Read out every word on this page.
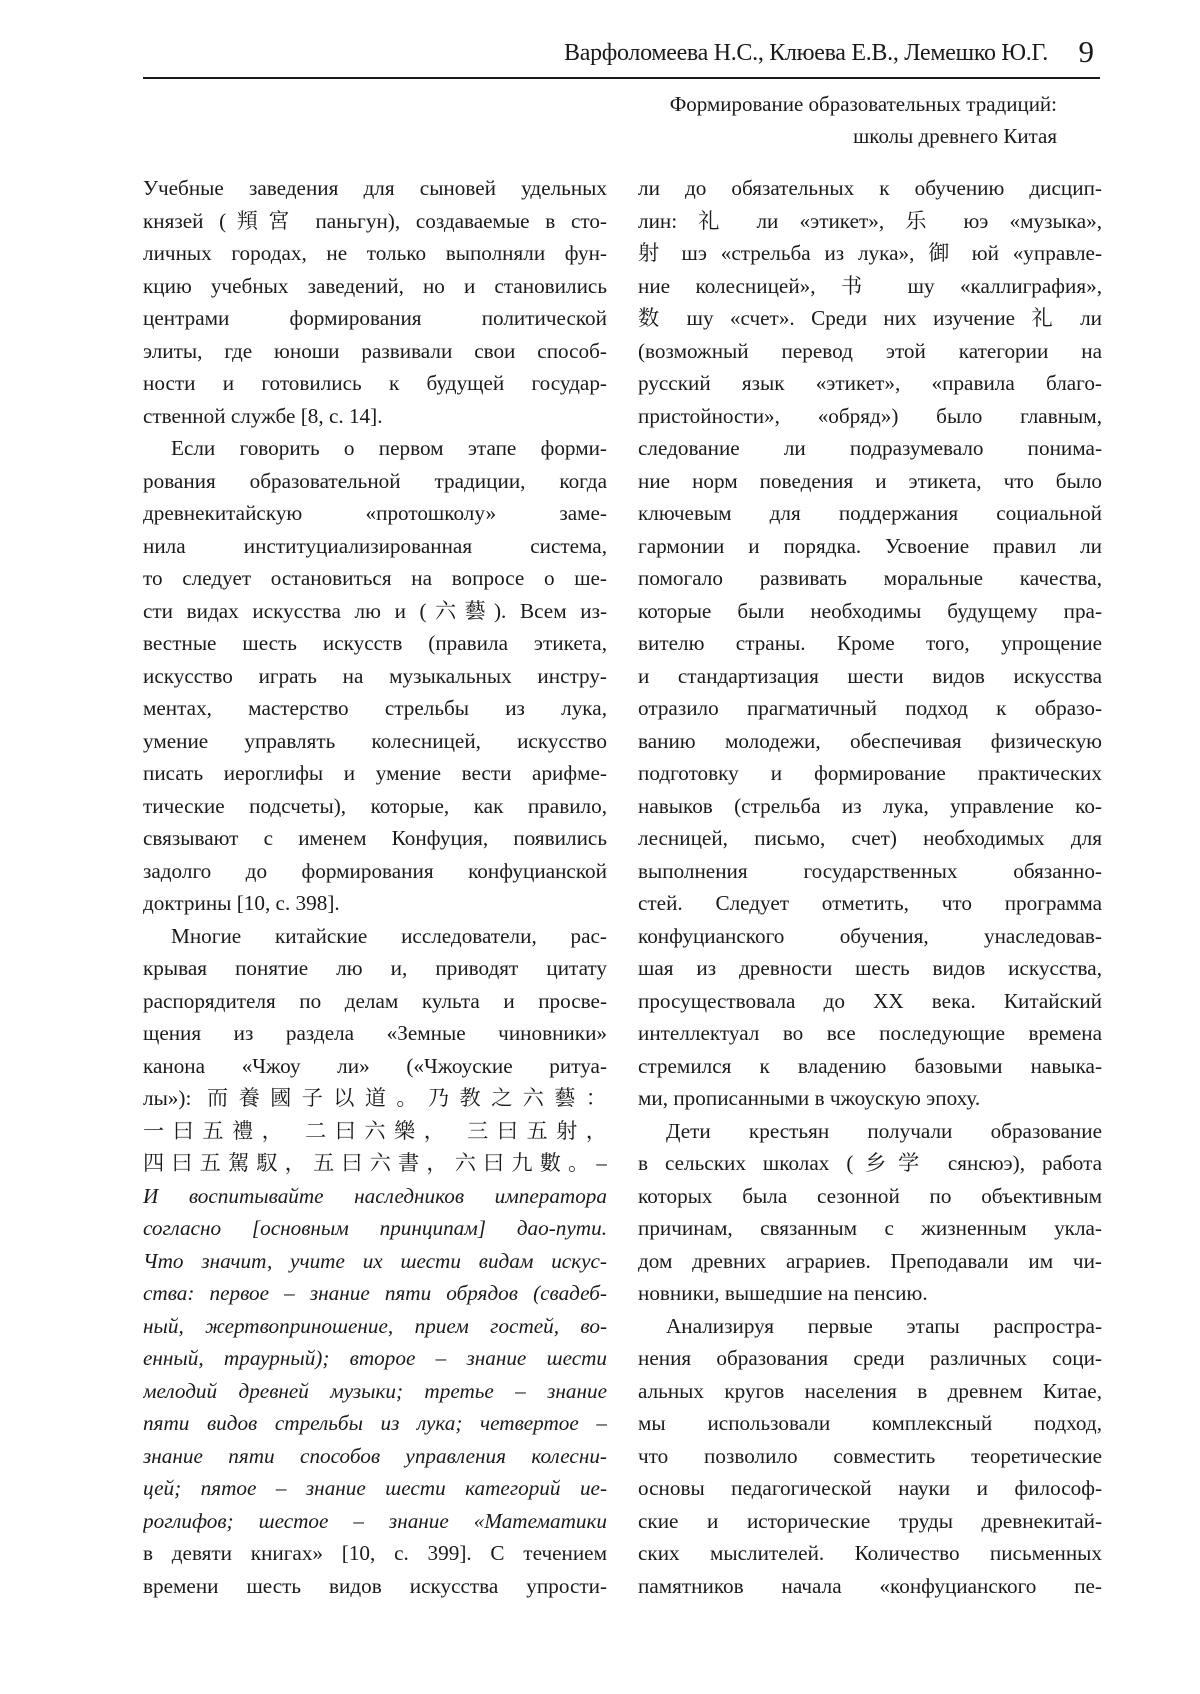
Варфоломеева Н.С., Клюева Е.В., Лемешко Ю.Г. 9
Формирование образовательных традиций:
школы древнего Китая
Учебные заведения для сыновей удельных
князей (頖宮 паньгун), создаваемые в сто-
личных городах, не только выполняли фун-
кцию учебных заведений, но и становились
центрами формирования политической
элиты, где юноши развивали свои способ-
ности и готовились к будущей государ-
ственной службе [8, с. 14].
Если говорить о первом этапе форми-
рования образовательной традиции, когда
древнекитайскую «протошколу» заме-
нила институциализированная система,
то следует остановиться на вопросе о ше-
сти видах искусства лю и (六藝). Всем из-
вестные шесть искусств (правила этикета,
искусство играть на музыкальных инстру-
ментах, мастерство стрельбы из лука,
умение управлять колесницей, искусство
писать иероглифы и умение вести арифме-
тические подсчеты), которые, как правило,
связывают с именем Конфуция, появились
задолго до формирования конфуцианской
доктрины [10, с. 398].
Многие китайские исследователи, рас-
крывая понятие лю и, приводят цитату
распорядителя по делам культа и просве-
щения из раздела «Земные чиновники»
канона «Чжоу ли» («Чжоуские ритуа-
лы»): 而養國子以道。乃教之六藝：
一曰五禮， 二曰六樂， 三曰五射，
四曰五駕馭，五曰六書，六曰九數。–
И воспитывайте наследников императора
согласно [основным принципам] дао-пути.
Что значит, учите их шести видам искус-
ства: первое – знание пяти обрядов (свадеб-
ный, жертвоприношение, прием гостей, во-
енный, траурный); второе – знание шести
мелодий древней музыки; третье – знание
пяти видов стрельбы из лука; четвертое –
знание пяти способов управления колесни-
цей; пятое – знание шести категорий ие-
роглифов; шестое – знание «Математики
в девяти книгах» [10, с. 399]. С течением
времени шесть видов искусства упрости-
ли до обязательных к обучению дисцип-
лин: 礼 ли «этикет», 乐 юэ «музыка»,
射 шэ «стрельба из лука», 御 юй «управле-
ние колесницей», 书 шу «каллиграфия»,
数 шу «счет». Среди них изучение 礼 ли
(возможный перевод этой категории на
русский язык «этикет», «правила благо-
пристойности», «обряд») было главным,
следование ли подразумевало понима-
ние норм поведения и этикета, что было
ключевым для поддержания социальной
гармонии и порядка. Усвоение правил ли
помогало развивать моральные качества,
которые были необходимы будущему пра-
вителю страны. Кроме того, упрощение
и стандартизация шести видов искусства
отразило прагматичный подход к образо-
ванию молодежи, обеспечивая физическую
подготовку и формирование практических
навыков (стрельба из лука, управление ко-
лесницей, письмо, счет) необходимых для
выполнения государственных обязанно-
стей. Следует отметить, что программа
конфуцианского обучения, унаследовав-
шая из древности шесть видов искусства,
просуществовала до XX века. Китайский
интеллектуал во все последующие времена
стремился к владению базовыми навыка-
ми, прописанными в чжоускую эпоху.
Дети крестьян получали образование
в сельских школах (乡学 сянсюэ), работа
которых была сезонной по объективным
причинам, связанным с жизненным укла-
дом древних аграриев. Преподавали им чи-
новники, вышедшие на пенсию.
Анализируя первые этапы распростра-
нения образования среди различных соци-
альных кругов населения в древнем Китае,
мы использовали комплексный подход,
что позволило совместить теоретические
основы педагогической науки и философ-
ские и исторические труды древнекитай-
ских мыслителей. Количество письменных
памятников начала «конфуцианского пе-
